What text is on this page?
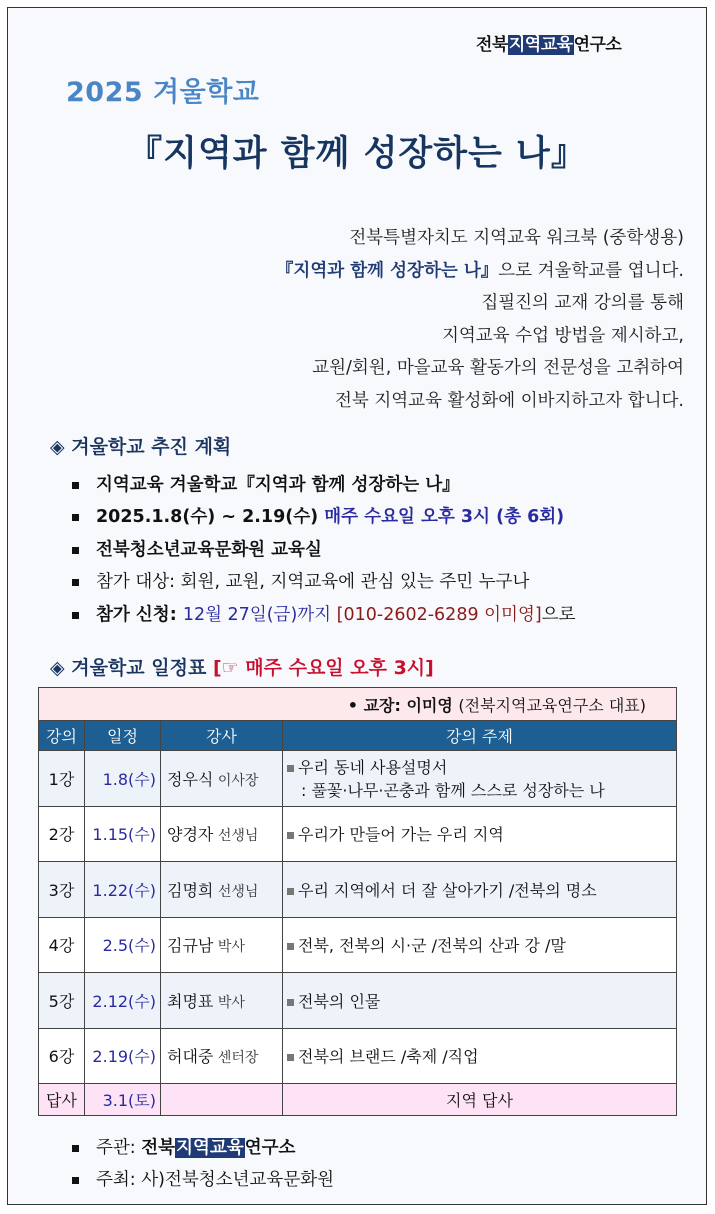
전북지역교육연구소
2025 겨울학교
『지역과 함께 성장하는 나』
전북특별자치도 지역교육 워크북 (중학생용)
『지역과 함께 성장하는 나』으로 겨울학교를 엽니다.
집필진의 교재 강의를 통해
지역교육 수업 방법을 제시하고,
교원/회원, 마을교육 활동가의 전문성을 고취하여
전북 지역교육 활성화에 이바지하고자 합니다.
◈ 겨울학교 추진 계획
지역교육 겨울학교『지역과 함께 성장하는 나』
2025.1.8(수) ~ 2.19(수) 매주 수요일 오후 3시 (총 6회)
전북청소년교육문화원 교육실
참가 대상: 회원, 교원, 지역교육에 관심 있는 주민 누구나
참가 신청: 12월 27일(금)까지 [010-2602-6289 이미영]으로
◈ 겨울학교 일정표 [☞ 매주 수요일 오후 3시]
• 교장: 이미영 (전북지역교육연구소 대표)			
강의	일정	강사	강의 주제
1강	1.8(수)	정우식 이사장	우리 동네 사용설명서
: 풀꽃·나무·곤충과 함께 스스로 성장하는 나

2강	1.15(수)	양경자 선생님	우리가 만들어 가는 우리 지역
3강	1.22(수)	김명희 선생님	우리 지역에서 더 잘 살아가기 /전북의 명소
4강	2.5(수)	김규남 박사	전북, 전북의 시·군 /전북의 산과 강 /말
5강	2.12(수)	최명표 박사	전북의 인물
6강	2.19(수)	허대중 센터장	전북의 브랜드 /축제 /직업
답사	3.1(토)		지역 답사
주관: 전북지역교육연구소
주최: 사)전북청소년교육문화원
